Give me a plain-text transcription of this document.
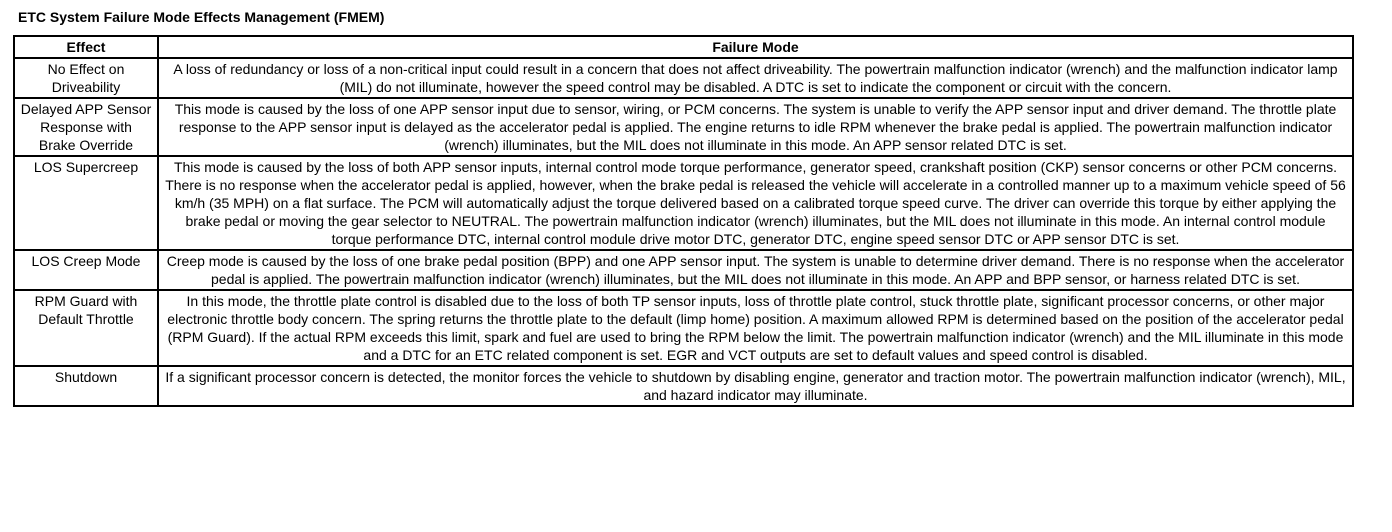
ETC System Failure Mode Effects Management (FMEM)
Effect	Failure Mode
No Effect on Driveability	A loss of redundancy or loss of a non-critical input could result in a concern that does not affect driveability. The powertrain malfunction indicator (wrench) and the malfunction indicator lamp (MIL) do not illuminate, however the speed control may be disabled. A DTC is set to indicate the component or circuit with the concern.
Delayed APP Sensor Response with Brake Override	This mode is caused by the loss of one APP sensor input due to sensor, wiring, or PCM concerns. The system is unable to verify the APP sensor input and driver demand. The throttle plate response to the APP sensor input is delayed as the accelerator pedal is applied. The engine returns to idle RPM whenever the brake pedal is applied. The powertrain malfunction indicator (wrench) illuminates, but the MIL does not illuminate in this mode. An APP sensor related DTC is set.
LOS Supercreep	This mode is caused by the loss of both APP sensor inputs, internal control mode torque performance, generator speed, crankshaft position (CKP) sensor concerns or other PCM concerns. There is no response when the accelerator pedal is applied, however, when the brake pedal is released the vehicle will accelerate in a controlled manner up to a maximum vehicle speed of 56 km/h (35 MPH) on a flat surface. The PCM will automatically adjust the torque delivered based on a calibrated torque speed curve. The driver can override this torque by either applying the brake pedal or moving the gear selector to NEUTRAL. The powertrain malfunction indicator (wrench) illuminates, but the MIL does not illuminate in this mode. An internal control module torque performance DTC, internal control module drive motor DTC, generator DTC, engine speed sensor DTC or APP sensor DTC is set.
LOS Creep Mode	Creep mode is caused by the loss of one brake pedal position (BPP) and one APP sensor input. The system is unable to determine driver demand. There is no response when the accelerator pedal is applied. The powertrain malfunction indicator (wrench) illuminates, but the MIL does not illuminate in this mode. An APP and BPP sensor, or harness related DTC is set.
RPM Guard with Default Throttle	In this mode, the throttle plate control is disabled due to the loss of both TP sensor inputs, loss of throttle plate control, stuck throttle plate, significant processor concerns, or other major electronic throttle body concern. The spring returns the throttle plate to the default (limp home) position. A maximum allowed RPM is determined based on the position of the accelerator pedal (RPM Guard). If the actual RPM exceeds this limit, spark and fuel are used to bring the RPM below the limit. The powertrain malfunction indicator (wrench) and the MIL illuminate in this mode and a DTC for an ETC related component is set. EGR and VCT outputs are set to default values and speed control is disabled.
Shutdown	If a significant processor concern is detected, the monitor forces the vehicle to shutdown by disabling engine, generator and traction motor. The powertrain malfunction indicator (wrench), MIL, and hazard indicator may illuminate.
